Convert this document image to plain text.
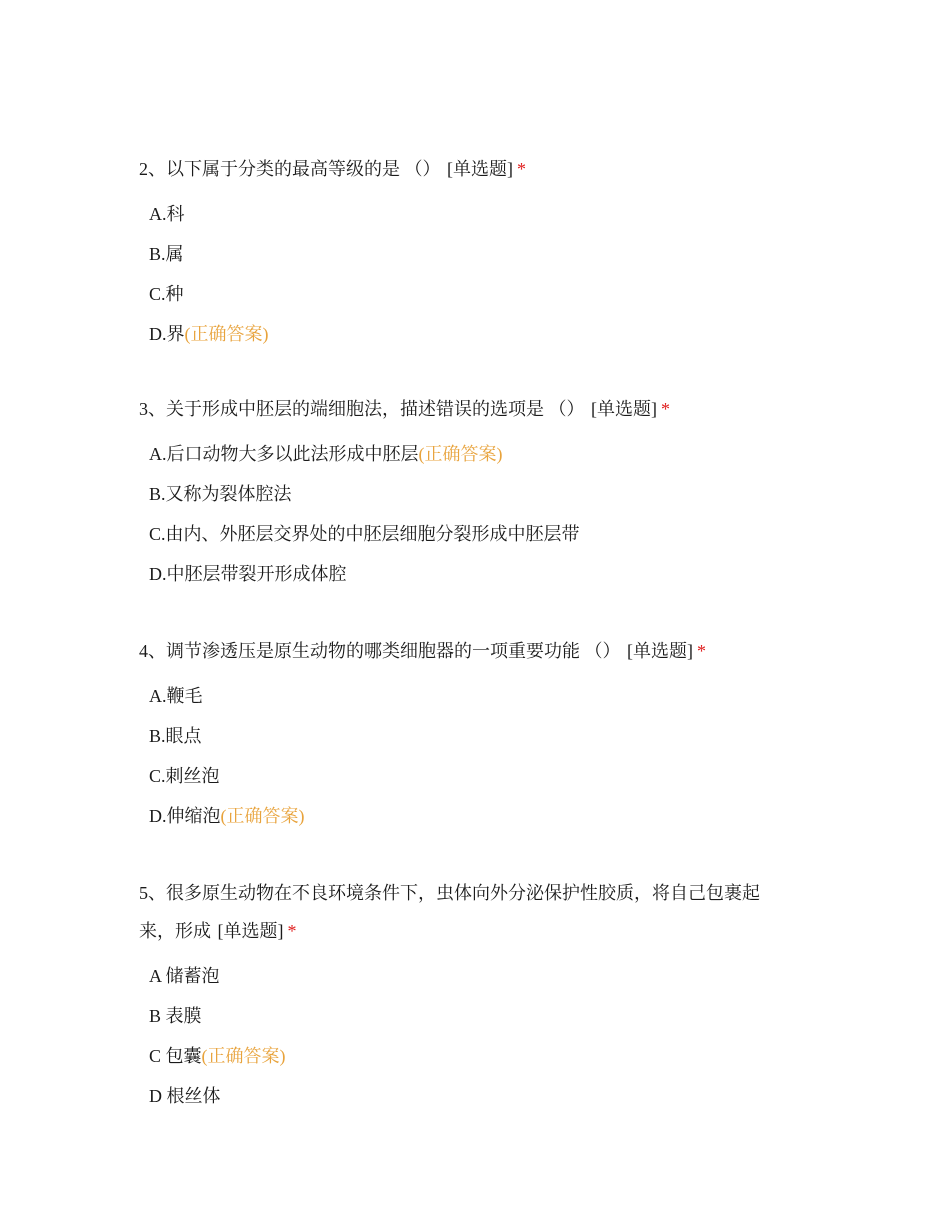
2、以下属于分类的最高等级的是 （） [单选题] *

A.科
B.属
C.种
D.界(正确答案)

3、关于形成中胚层的端细胞法，描述错误的选项是 （） [单选题] *

A.后口动物大多以此法形成中胚层(正确答案)
B.又称为裂体腔法
C.由内、外胚层交界处的中胚层细胞分裂形成中胚层带
D.中胚层带裂开形成体腔

4、调节渗透压是原生动物的哪类细胞器的一项重要功能 （） [单选题] *

A.鞭毛
B.眼点
C.刺丝泡
D.伸缩泡(正确答案)

5、很多原生动物在不良环境条件下，虫体向外分泌保护性胶质，将自己包裹起来，形成 [单选题] *

A 储蓄泡
B 表膜
C 包囊(正确答案)
D 根丝体
